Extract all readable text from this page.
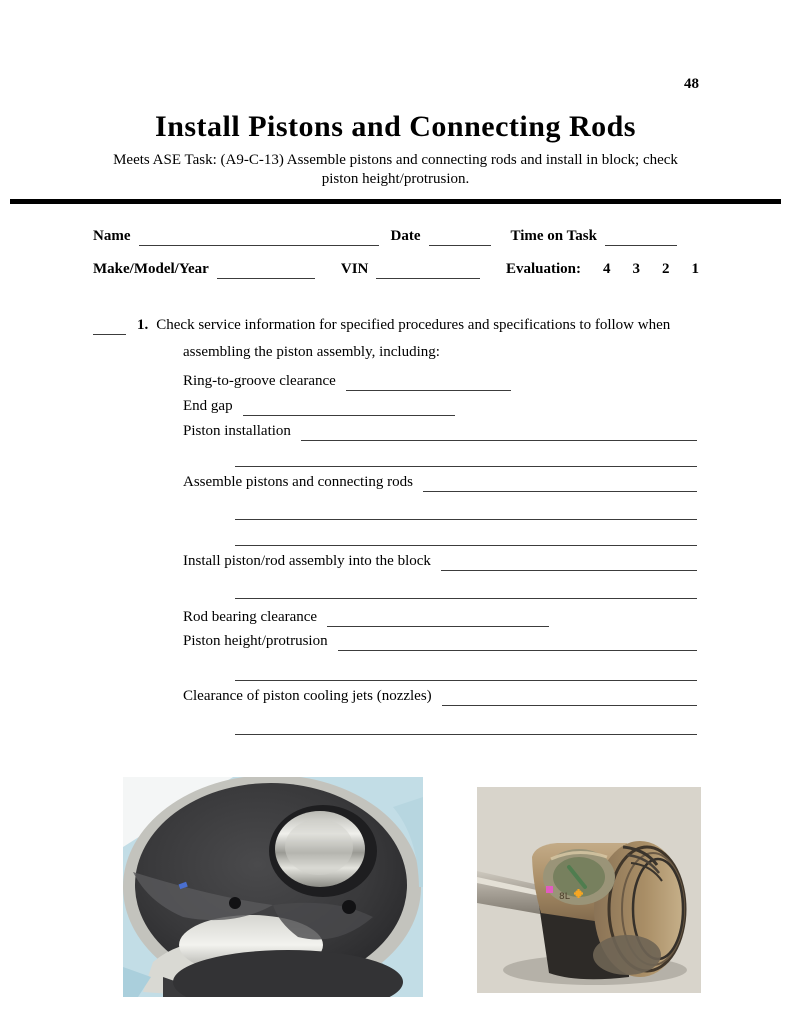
48
Install Pistons and Connecting Rods
Meets ASE Task: (A9-C-13) Assemble pistons and connecting rods and install in block; check
piston height/protrusion.
Name	Date	Time on Task
Make/Model/Year	VIN	Evaluation: 4 3 2 1
1. Check service information for specified procedures and specifications to follow when
assembling the piston assembly, including:
Ring-to-groove clearance
End gap
Piston installation
Assemble pistons and connecting rods
Install piston/rod assembly into the block
Rod bearing clearance
Piston height/protrusion
Clearance of piston cooling jets (nozzles)
8L
